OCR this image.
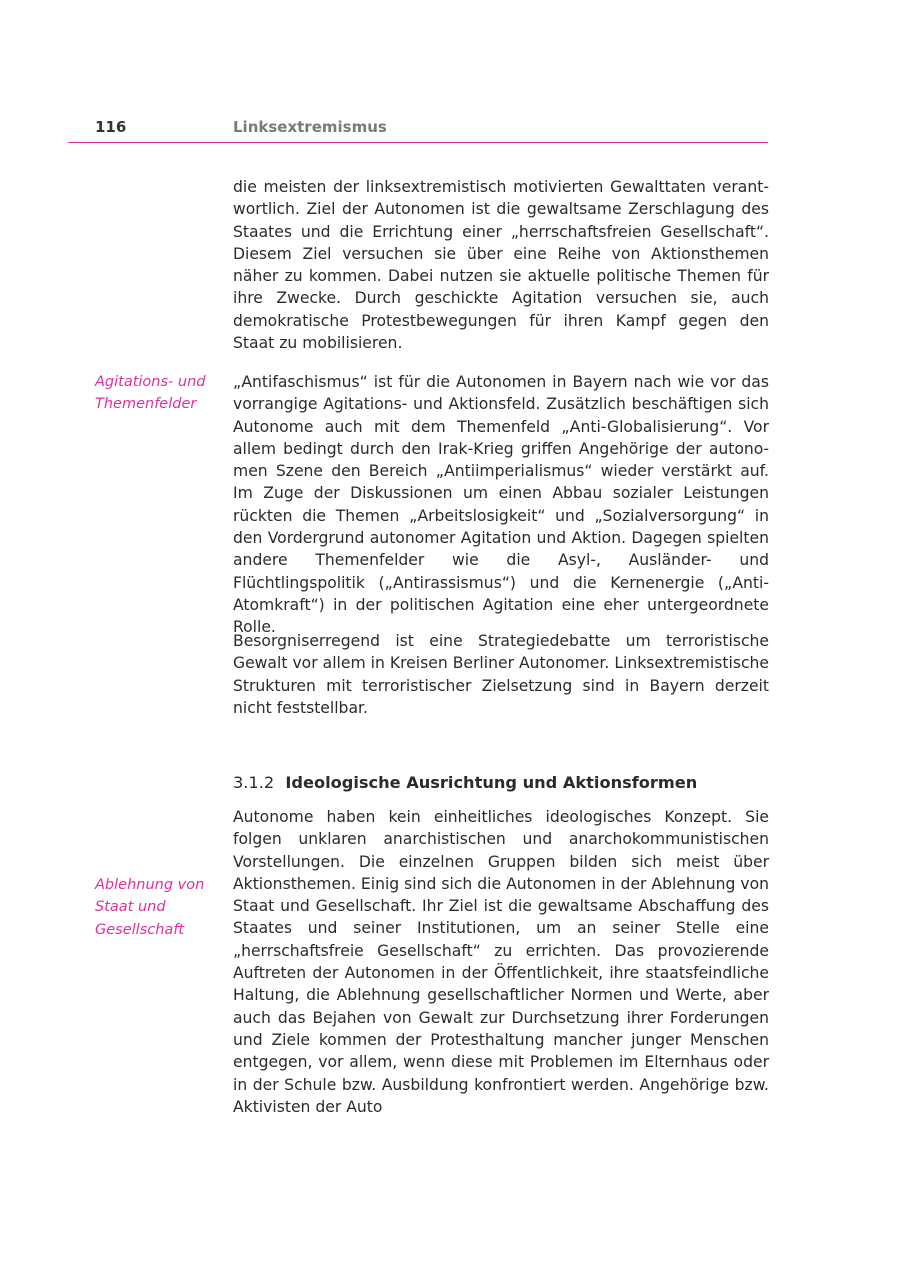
116	Linksextremismus

die meisten der linksextremistisch motivierten Gewalttaten verantwortlich. Ziel der Autonomen ist die gewaltsame Zerschlagung des Staates und die Errichtung einer „herrschaftsfreien Gesellschaft“. Diesem Ziel versuchen sie über eine Reihe von Aktionsthemen näher zu kommen. Dabei nutzen sie aktuelle politische Themen für ihre Zwecke. Durch geschickte Agitation versuchen sie, auch demokratische Protestbewegungen für ihren Kampf gegen den Staat zu mobilisieren.

Agitations- und Themenfelder

„Antifaschismus“ ist für die Autonomen in Bayern nach wie vor das vorrangige Agitations- und Aktionsfeld. Zusätzlich beschäftigen sich Autonome auch mit dem Themenfeld „Anti-Globalisierung“. Vor allem bedingt durch den Irak-Krieg griffen Angehörige der autonomen Szene den Bereich „Antiimperialismus“ wieder verstärkt auf. Im Zuge der Diskussionen um einen Abbau sozialer Leistungen rückten die Themen „Arbeitslosigkeit“ und „Sozialversorgung“ in den Vordergrund autonomer Agitation und Aktion. Dagegen spielten andere Themenfelder wie die Asyl-, Ausländer- und Flüchtlingspolitik („Antirassismus“) und die Kernenergie („Anti-Atomkraft“) in der politischen Agitation eine eher untergeordnete Rolle.

Besorgniserregend ist eine Strategiedebatte um terroristische Gewalt vor allem in Kreisen Berliner Autonomer. Linksextremistische Strukturen mit terroristischer Zielsetzung sind in Bayern derzeit nicht feststellbar.

3.1.2 Ideologische Ausrichtung und Aktionsformen

Autonome haben kein einheitliches ideologisches Konzept. Sie folgen unklaren anarchistischen und anarchokommunistischen Vorstellungen. Die einzelnen Gruppen bilden sich meist über Aktionsthemen. Einig sind sich die Autonomen in der Ablehnung von Staat und Gesellschaft. Ihr Ziel ist die gewaltsame Abschaffung des Staates und seiner Institutionen, um an seiner Stelle eine „herrschaftsfreie Gesellschaft“ zu errichten. Das provozierende Auftreten der Autonomen in der Öffentlichkeit, ihre staatsfeindliche Haltung, die Ablehnung gesellschaftlicher Normen und Werte, aber auch das Bejahen von Gewalt zur Durchsetzung ihrer Forderungen und Ziele kommen der Protesthaltung mancher junger Menschen entgegen, vor allem, wenn diese mit Problemen im Elternhaus oder in der Schule bzw. Ausbildung konfrontiert werden. Angehörige bzw. Aktivisten der Auto

Ablehnung von Staat und Gesellschaft
